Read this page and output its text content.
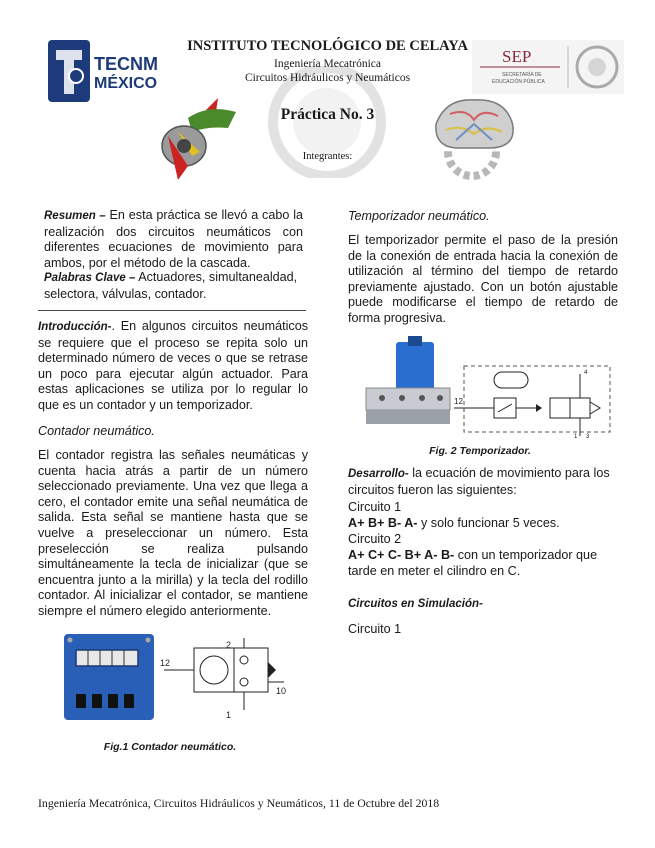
TECNM
MÉXICO
INSTITUTO TECNOLÓGICO DE CELAYA
Ingeniería Mecatrónica
Circuitos Hidráulicos y Neumáticos
SEP
SECRETARÍA DE
EDUCACIÓN PÚBLICA
Práctica No. 3
Integrantes:
Resumen – En esta práctica se llevó a cabo la realización dos circuitos neumáticos con diferentes ecuaciones de movimiento para ambos, por el método de la cascada.
Palabras Clave – Actuadores, simultanealdad, selectora, válvulas, contador.
Introducción-. En algunos circuitos neumáticos se requiere que el proceso se repita solo un determinado número de veces o que se retrase un poco para ejecutar algún actuador. Para estas aplicaciones se utiliza por lo regular lo que es un contador y un temporizador.
Contador neumático.
El contador registra las señales neumáticas y cuenta hacia atrás a partir de un número seleccionado previamente. Una vez que llega a cero, el contador emite una señal neumática de salida. Esta señal se mantiene hasta que se vuelve a preseleccionar un número. Esta preselección se realiza pulsando simultáneamente la tecla de inicializar (que se encuentra junto a la mirilla) y la tecla del rodillo contador. Al inicializar el contador, se mantiene siempre el número elegido anteriormente.
12
2
1
10
Fig.1 Contador neumático.
Temporizador neumático.
El temporizador permite el paso de la presión de la conexión de entrada hacia la conexión de utilización al término del tiempo de retardo previamente ajustado. Con un botón ajustable puede modificarse el tiempo de retardo de forma progresiva.
12
4
1 3
Fig. 2 Temporizador.
Desarrollo- la ecuación de movimiento para los circuitos fueron las siguientes:
Circuito 1
A+ B+ B- A- y solo funcionar 5 veces.
Circuito 2
A+ C+ C- B+ A- B- con un temporizador que tarde en meter el cilindro en C.
Circuitos en Simulación-
Circuito 1
Ingeniería Mecatrónica, Circuitos Hidráulicos y Neumáticos, 11 de Octubre del 2018
